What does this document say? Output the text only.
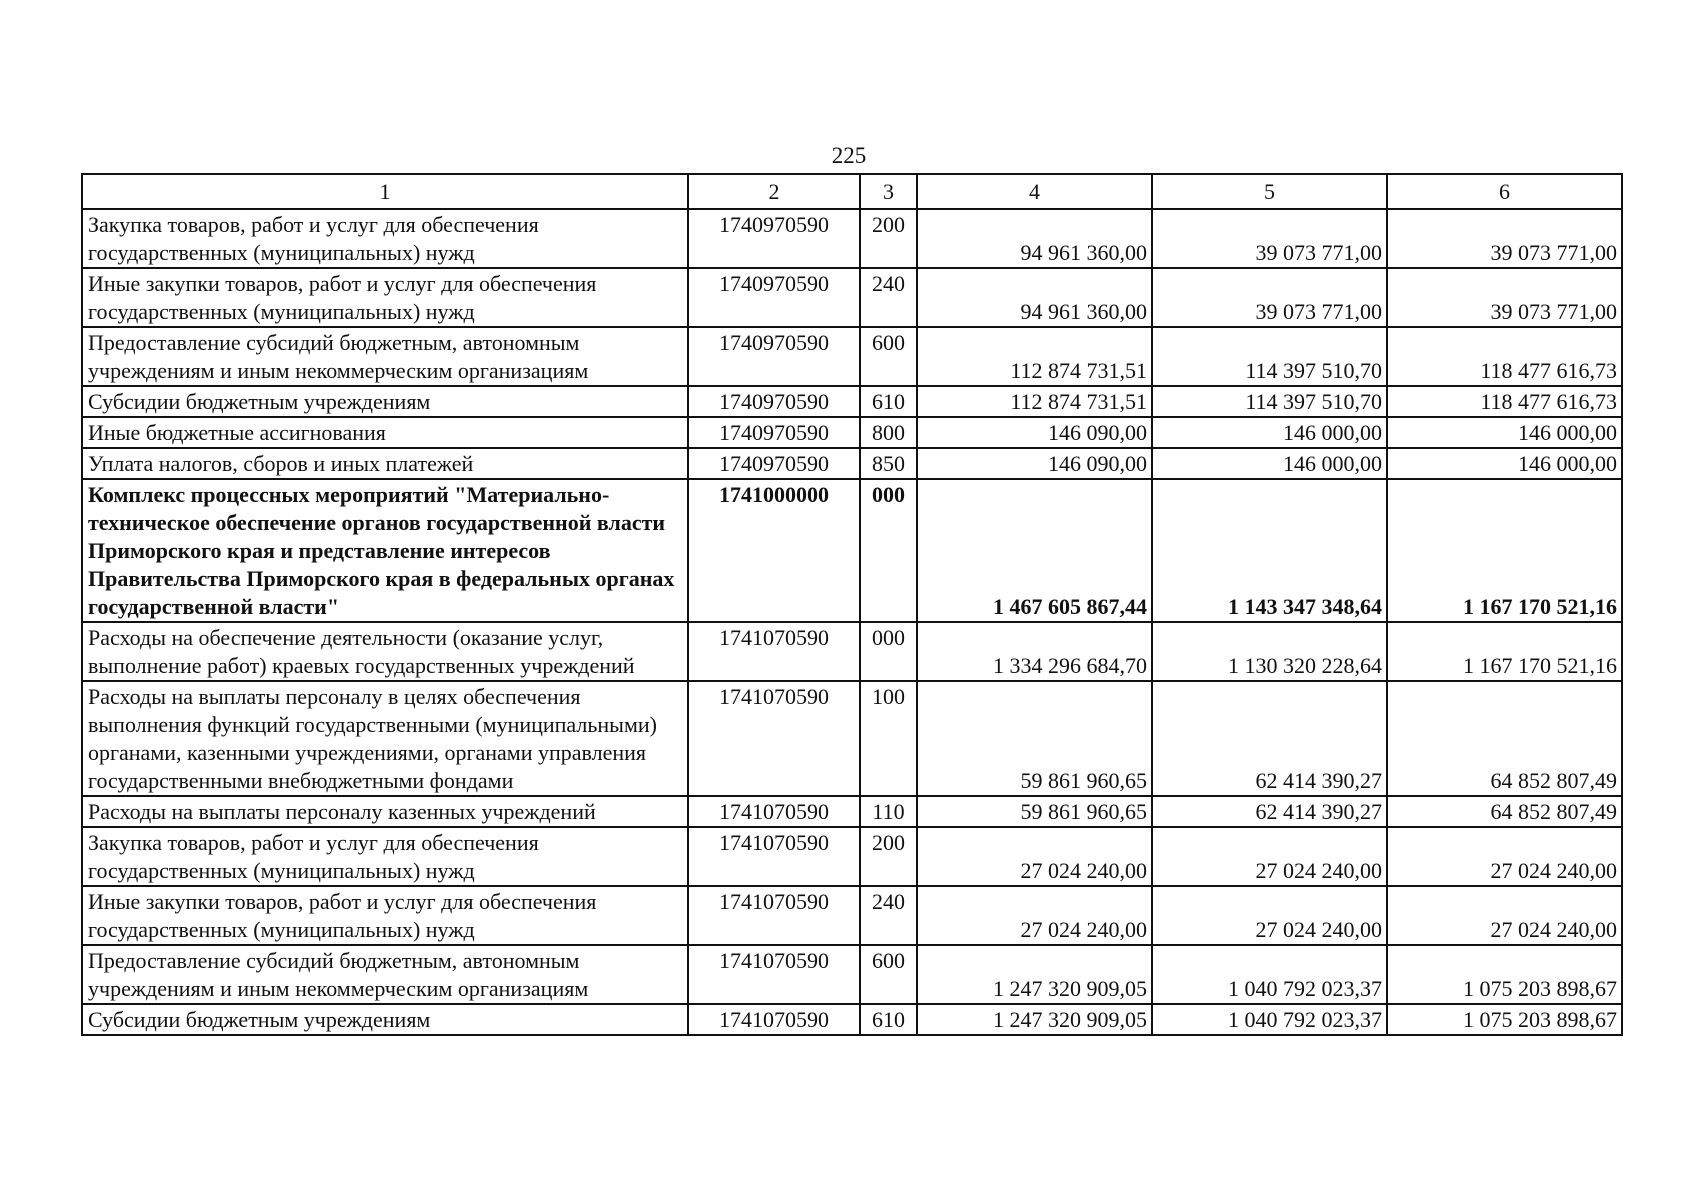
225
1	2	3	4	5	6
Закупка товаров, работ и услуг для обеспечения государственных (муниципальных) нужд	1740970590	200	94 961 360,00	39 073 771,00	39 073 771,00
Иные закупки товаров, работ и услуг для обеспечения государственных (муниципальных) нужд	1740970590	240	94 961 360,00	39 073 771,00	39 073 771,00
Предоставление субсидий бюджетным, автономным учреждениям и иным некоммерческим организациям	1740970590	600	112 874 731,51	114 397 510,70	118 477 616,73
Субсидии бюджетным учреждениям	1740970590	610	112 874 731,51	114 397 510,70	118 477 616,73
Иные бюджетные ассигнования	1740970590	800	146 090,00	146 000,00	146 000,00
Уплата налогов, сборов и иных платежей	1740970590	850	146 090,00	146 000,00	146 000,00
Комплекс процессных мероприятий "Материально-техническое обеспечение органов государственной власти Приморского края и представление интересов Правительства Приморского края в федеральных органах государственной власти"	1741000000	000	1 467 605 867,44	1 143 347 348,64	1 167 170 521,16
Расходы на обеспечение деятельности (оказание услуг, выполнение работ) краевых государственных учреждений	1741070590	000	1 334 296 684,70	1 130 320 228,64	1 167 170 521,16
Расходы на выплаты персоналу в целях обеспечения выполнения функций государственными (муниципальными) органами, казенными учреждениями, органами управления государственными внебюджетными фондами	1741070590	100	59 861 960,65	62 414 390,27	64 852 807,49
Расходы на выплаты персоналу казенных учреждений	1741070590	110	59 861 960,65	62 414 390,27	64 852 807,49
Закупка товаров, работ и услуг для обеспечения государственных (муниципальных) нужд	1741070590	200	27 024 240,00	27 024 240,00	27 024 240,00
Иные закупки товаров, работ и услуг для обеспечения государственных (муниципальных) нужд	1741070590	240	27 024 240,00	27 024 240,00	27 024 240,00
Предоставление субсидий бюджетным, автономным учреждениям и иным некоммерческим организациям	1741070590	600	1 247 320 909,05	1 040 792 023,37	1 075 203 898,67
Субсидии бюджетным учреждениям	1741070590	610	1 247 320 909,05	1 040 792 023,37	1 075 203 898,67
